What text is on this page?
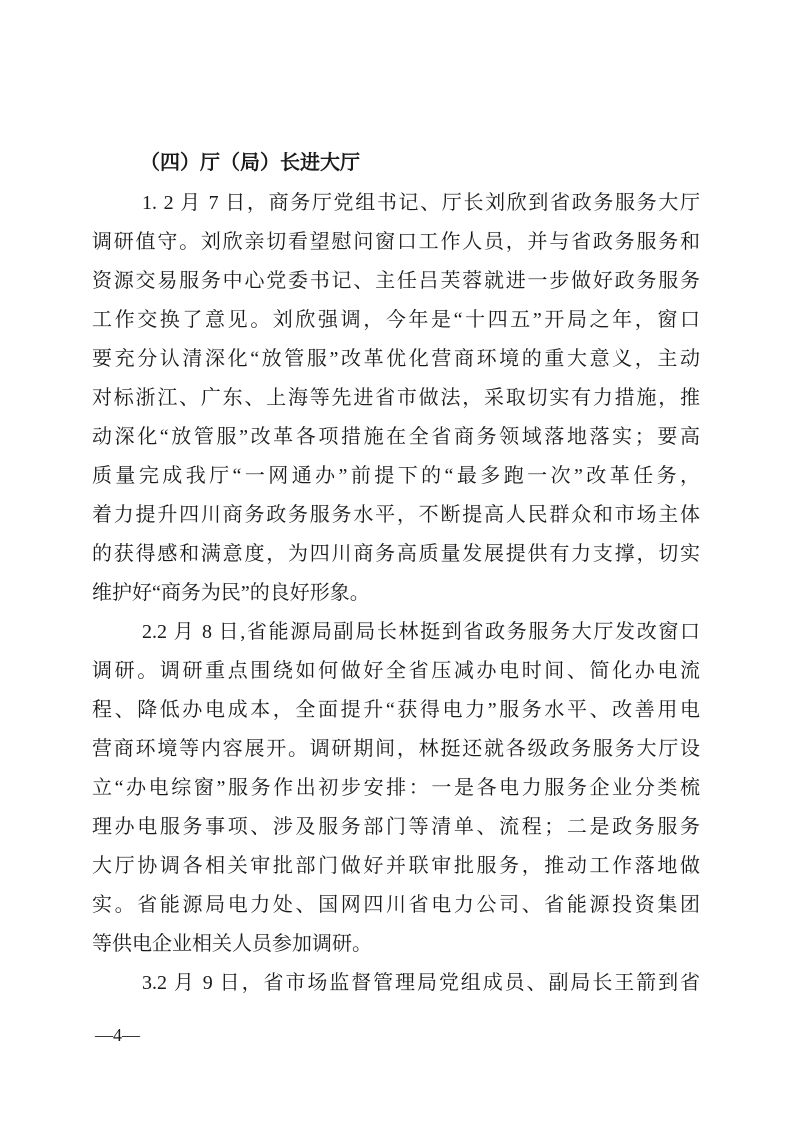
（四）厅（局）长进大厅
1. 2 月 7 日，商务厅党组书记、厅长刘欣到省政务服务大厅
调研值守。刘欣亲切看望慰问窗口工作人员，并与省政务服务和
资源交易服务中心党委书记、主任吕芙蓉就进一步做好政务服务
工作交换了意见。刘欣强调，今年是“十四五”开局之年，窗口
要充分认清深化“放管服”改革优化营商环境的重大意义，主动
对标浙江、广东、上海等先进省市做法，采取切实有力措施，推
动深化“放管服”改革各项措施在全省商务领域落地落实；要高
质量完成我厅“一网通办”前提下的“最多跑一次”改革任务，
着力提升四川商务政务服务水平，不断提高人民群众和市场主体
的获得感和满意度，为四川商务高质量发展提供有力支撑，切实
维护好“商务为民”的良好形象。
2.2 月 8 日,省能源局副局长林挺到省政务服务大厅发改窗口
调研。调研重点围绕如何做好全省压减办电时间、简化办电流
程、降低办电成本，全面提升“获得电力”服务水平、改善用电
营商环境等内容展开。调研期间，林挺还就各级政务服务大厅设
立“办电综窗”服务作出初步安排：一是各电力服务企业分类梳
理办电服务事项、涉及服务部门等清单、流程；二是政务服务
大厅协调各相关审批部门做好并联审批服务，推动工作落地做
实。省能源局电力处、国网四川省电力公司、省能源投资集团
等供电企业相关人员参加调研。
3.2 月 9 日，省市场监督管理局党组成员、副局长王箭到省
—4—
